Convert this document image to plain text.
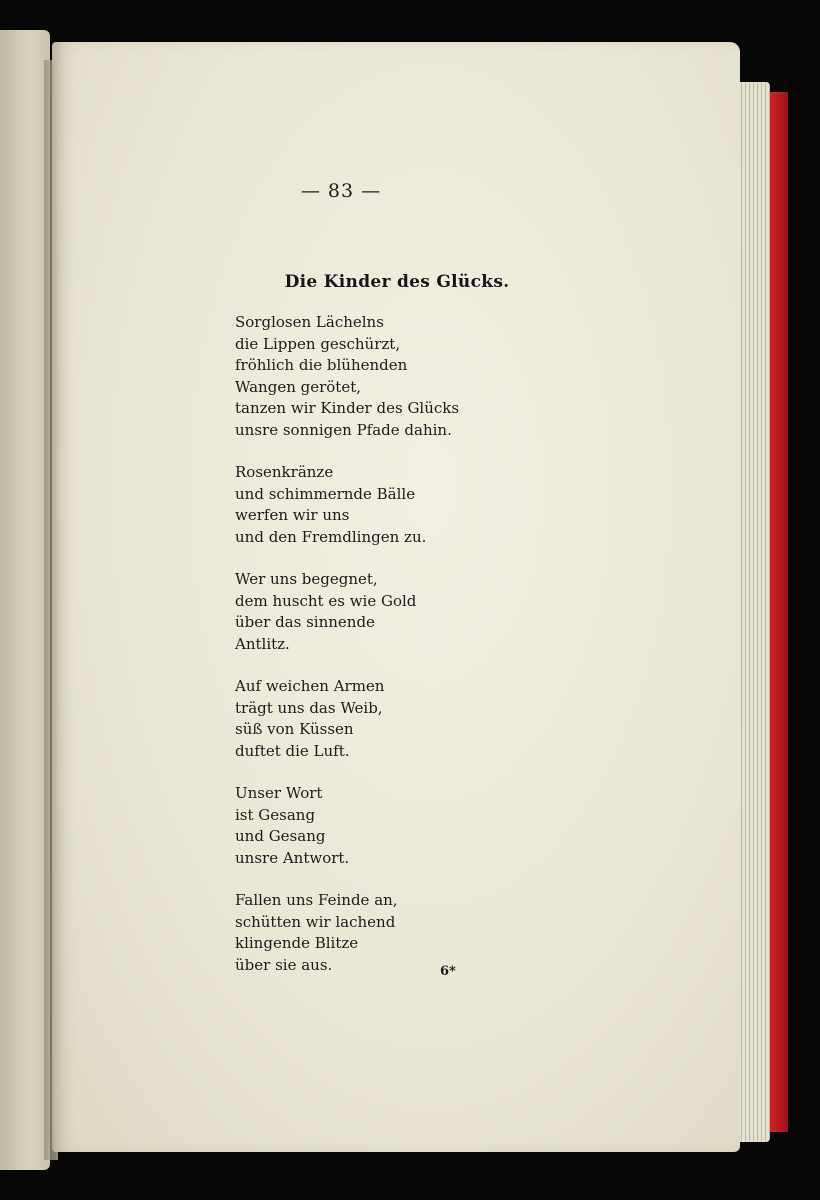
— 83 —
Die Kinder des Glücks.
Sorglosen Lächelns
die Lippen geschürzt,
fröhlich die blühenden
Wangen gerötet,
tanzen wir Kinder des Glücks
unsre sonnigen Pfade dahin.
Rosenkränze
und schimmernde Bälle
werfen wir uns
und den Fremdlingen zu.
Wer uns begegnet,
dem huscht es wie Gold
über das sinnende
Antlitz.
Auf weichen Armen
trägt uns das Weib,
süß von Küssen
duftet die Luft.
Unser Wort
ist Gesang
und Gesang
unsre Antwort.
Fallen uns Feinde an,
schütten wir lachend
klingende Blitze
über sie aus.	6*
